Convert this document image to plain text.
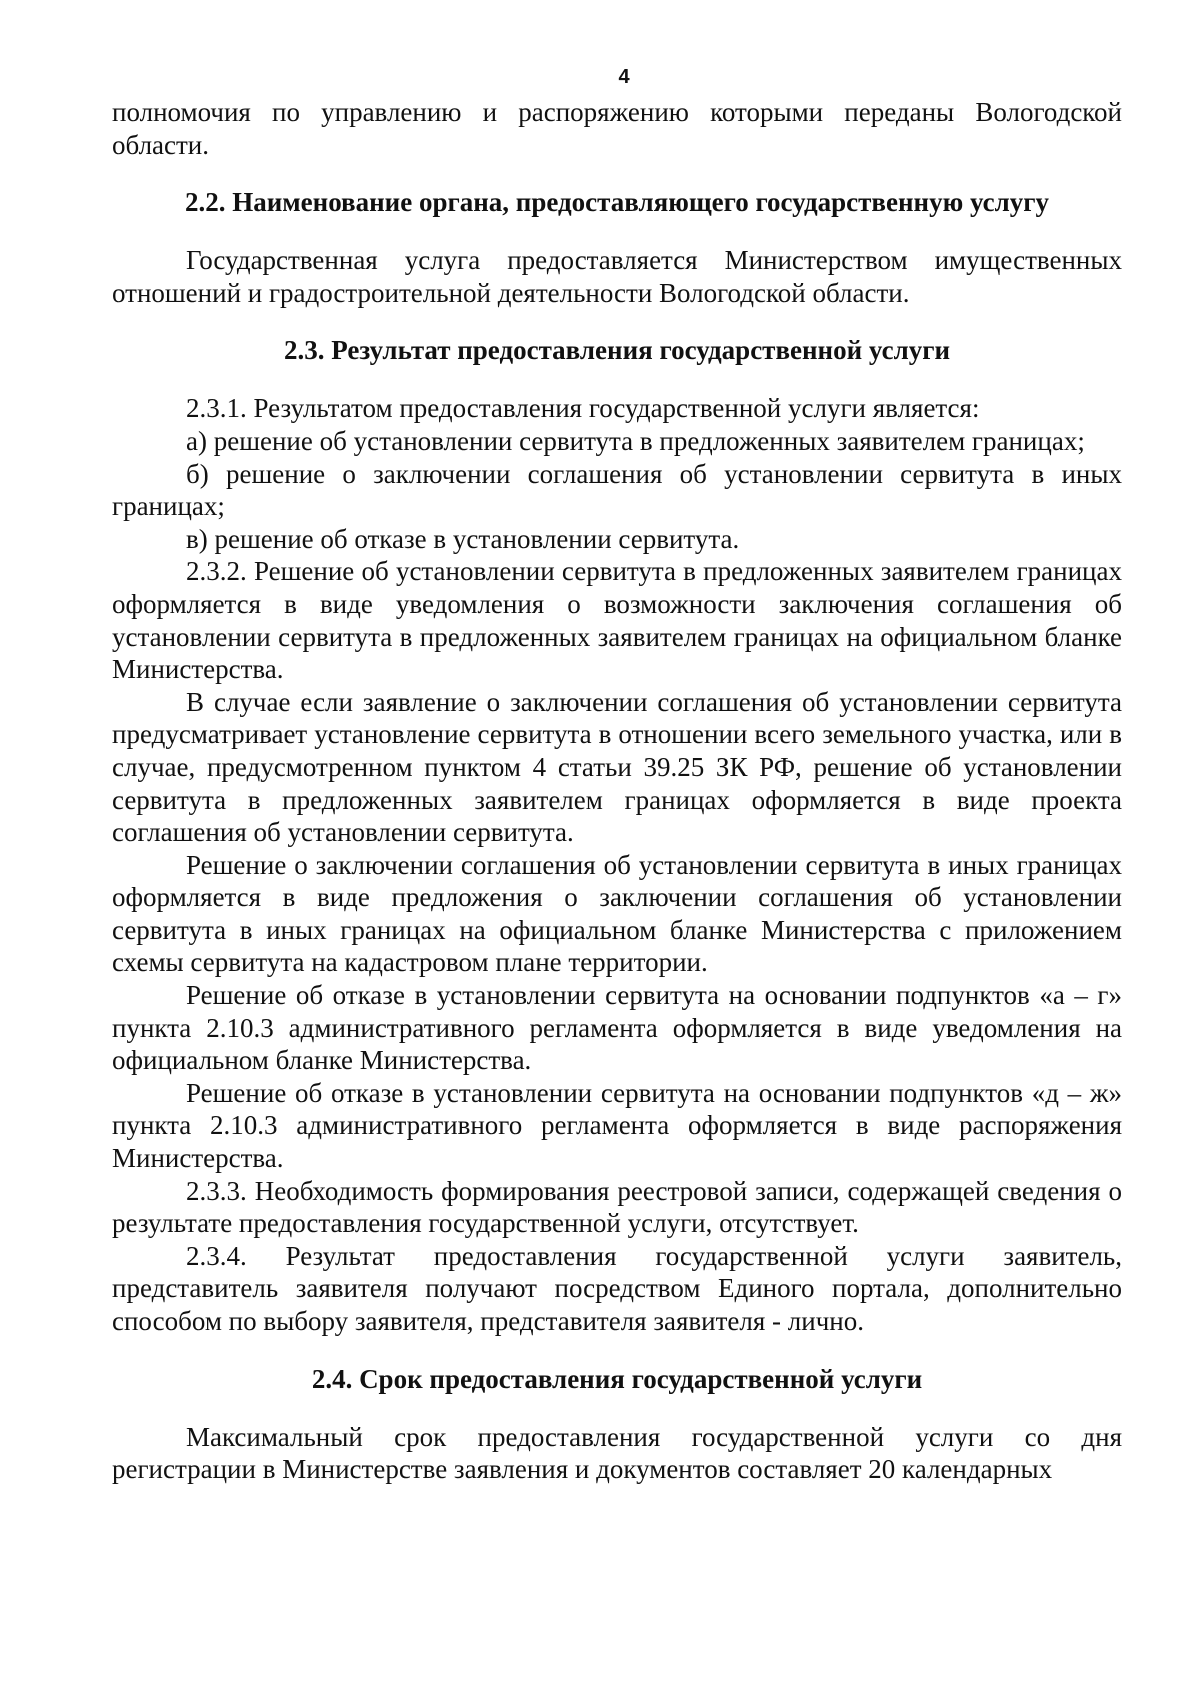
4

полномочия по управлению и распоряжению которыми переданы Вологодской области.

2.2. Наименование органа, предоставляющего государственную услугу

Государственная услуга предоставляется Министерством имущественных отношений и градостроительной деятельности Вологодской области.

2.3. Результат предоставления государственной услуги

2.3.1. Результатом предоставления государственной услуги является:

а) решение об установлении сервитута в предложенных заявителем границах;

б) решение о заключении соглашения об установлении сервитута в иных границах;

в) решение об отказе в установлении сервитута.

2.3.2. Решение об установлении сервитута в предложенных заявителем границах оформляется в виде уведомления о возможности заключения соглашения об установлении сервитута в предложенных заявителем границах на официальном бланке Министерства.

В случае если заявление о заключении соглашения об установлении сервитута предусматривает установление сервитута в отношении всего земельного участка, или в случае, предусмотренном пунктом 4 статьи 39.25 ЗК РФ, решение об установлении сервитута в предложенных заявителем границах оформляется в виде проекта соглашения об установлении сервитута.

Решение о заключении соглашения об установлении сервитута в иных границах оформляется в виде предложения о заключении соглашения об установлении сервитута в иных границах на официальном бланке Министерства с приложением схемы сервитута на кадастровом плане территории.

Решение об отказе в установлении сервитута на основании подпунктов «а – г» пункта 2.10.3 административного регламента оформляется в виде уведомления на официальном бланке Министерства.

Решение об отказе в установлении сервитута на основании подпунктов «д – ж» пункта 2.10.3 административного регламента оформляется в виде распоряжения Министерства.

2.3.3. Необходимость формирования реестровой записи, содержащей сведения о результате предоставления государственной услуги, отсутствует.

2.3.4. Результат предоставления государственной услуги заявитель, представитель заявителя получают посредством Единого портала, дополнительно способом по выбору заявителя, представителя заявителя - лично.

2.4. Срок предоставления государственной услуги

Максимальный срок предоставления государственной услуги со дня регистрации в Министерстве заявления и документов составляет 20 календарных
